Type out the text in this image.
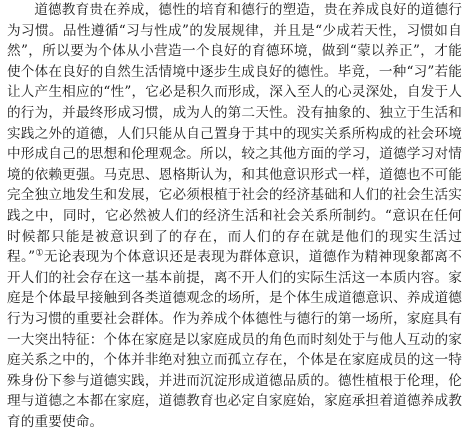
道德教育贵在养成，德性的培育和德行的塑造，贵在养成良好的道德行为习惯。品性遵循“习与性成”的发展规律，并且是“少成若天性，习惯如自然”，所以要为个体从小营造一个良好的育德环境，做到“蒙以养正”，才能使个体在良好的自然生活情境中逐步生成良好的德性。毕竟，一种“习”若能让人产生相应的“性”，它必是积久而形成，深入至人的心灵深处，自发于人的行为，并最终形成习惯，成为人的第二天性。没有抽象的、独立于生活和实践之外的道德，人们只能从自己置身于其中的现实关系所构成的社会环境中形成自己的思想和伦理观念。所以，较之其他方面的学习，道德学习对情境的依赖更强。马克思、恩格斯认为，和其他意识形式一样，道德也不可能完全独立地发生和发展，它必须根植于社会的经济基础和人们的社会生活实践之中，同时，它必然被人们的经济生活和社会关系所制约。“意识在任何时候都只能是被意识到了的存在，而人们的存在就是他们的现实生活过程。”①无论表现为个体意识还是表现为群体意识，道德作为精神现象都离不开人们的社会存在这一基本前提，离不开人们的实际生活这一本质内容。家庭是个体最早接触到各类道德观念的场所，是个体生成道德意识、养成道德行为习惯的重要社会群体。作为养成个体德性与德行的第一场所，家庭具有一大突出特征：个体在家庭是以家庭成员的角色而时刻处于与他人互动的家庭关系之中的，个体并非绝对独立而孤立存在，个体是在家庭成员的这一特殊身份下参与道德实践，并进而沉淀形成道德品质的。德性植根于伦理，伦理与道德之本都在家庭，道德教育也必定自家庭始，家庭承担着道德养成教育的重要使命。
